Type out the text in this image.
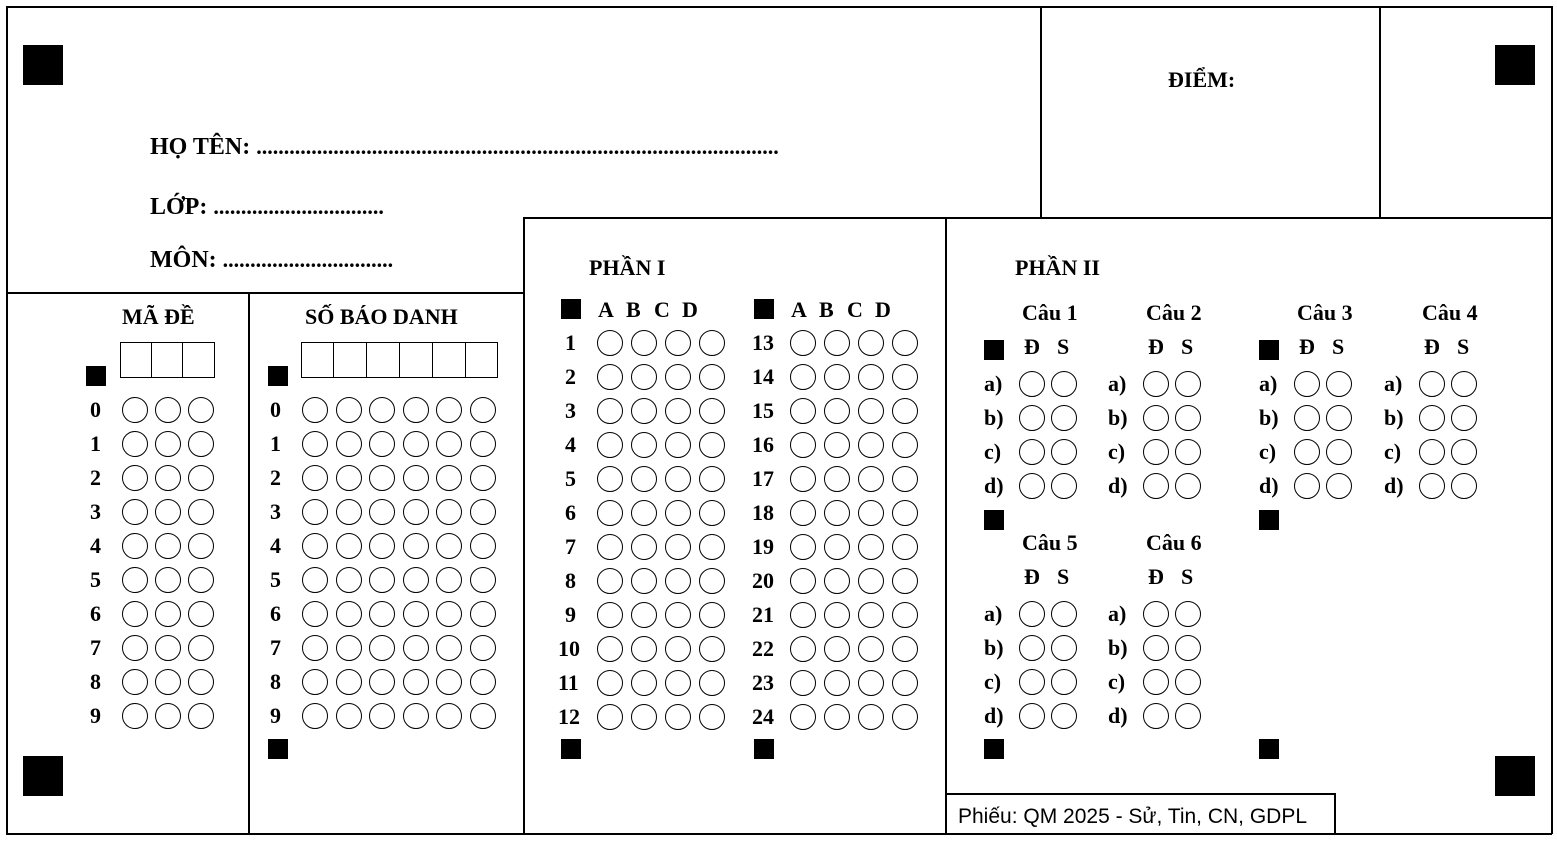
HỌ TÊN: ...............................................................................................
LỚP: ...............................
MÔN: ...............................
ĐIỂM:
MÃ ĐỀ	SỐ BÁO DANH
PHẦN I	PHẦN II
Phiếu: QM 2025 - Sử, Tin, CN, GDPL
0
1
2
3
4
5
6
7
8
9
0
1
2
3
4
5
6
7
8
9
A B C D	A B C D
1
2
3
4
5
6
7
8
9
10
11
12
13
14
15
16
17
18
19
20
21
22
23
24
Câu 1
Đ S
a)
b)
c)
d)
Câu 2
Đ S
a)
b)
c)
d)
Câu 3
Đ S
a)
b)
c)
d)
Câu 4
Đ S
a)
b)
c)
d)
Câu 5
Đ S
a)
b)
c)
d)
Câu 6
Đ S
a)
b)
c)
d)
